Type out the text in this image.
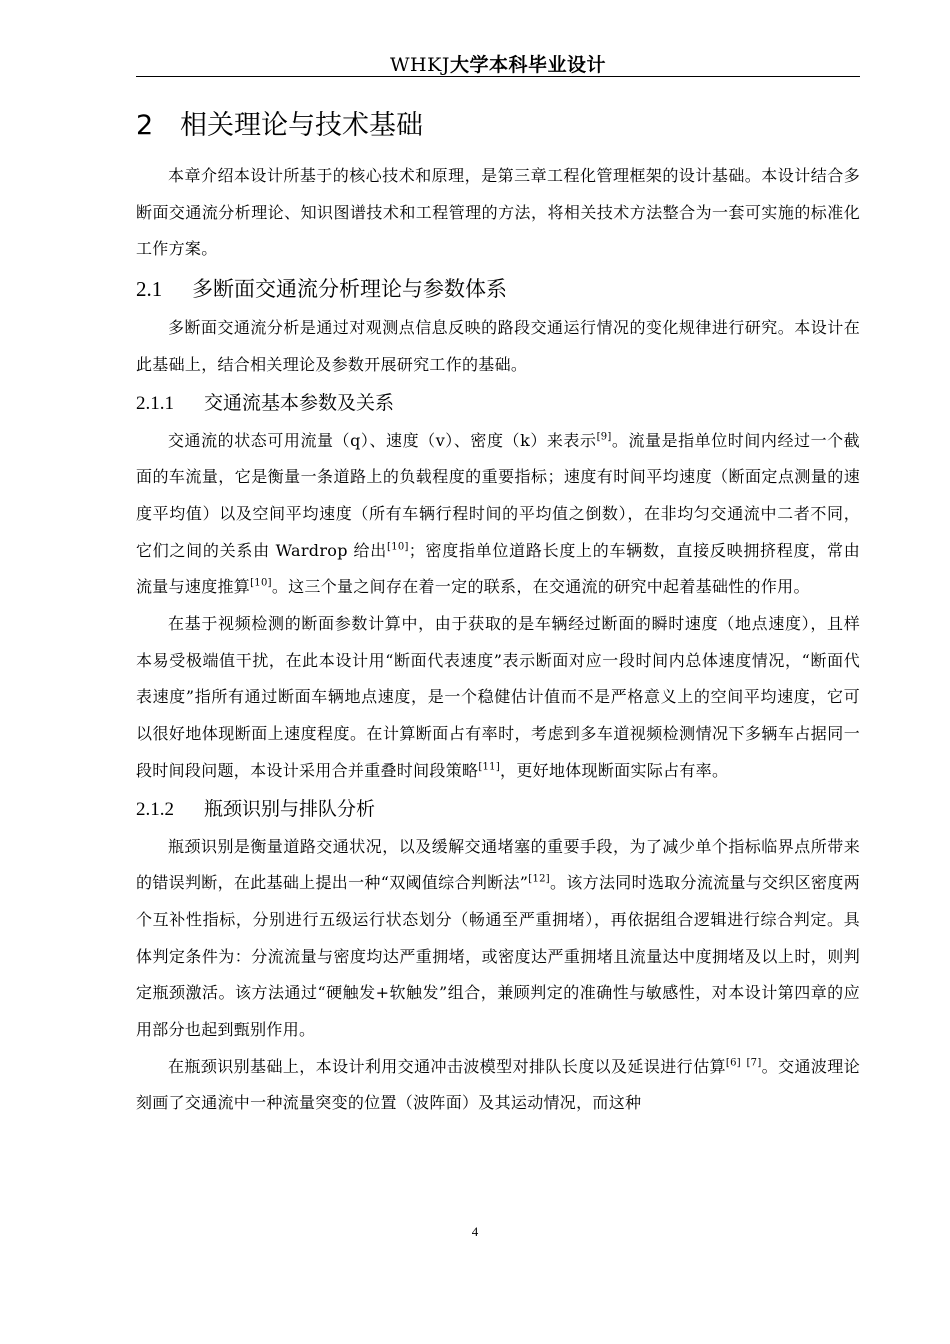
WHKJ大学本科毕业设计
2 相关理论与技术基础

本章介绍本设计所基于的核心技术和原理，是第三章工程化管理框架的设计基础。本设计结合多断面交通流分析理论、知识图谱技术和工程管理的方法，将相关技术方法整合为一套可实施的标准化工作方案。

2.1 多断面交通流分析理论与参数体系

多断面交通流分析是通过对观测点信息反映的路段交通运行情况的变化规律进行研究。本设计在此基础上，结合相关理论及参数开展研究工作的基础。

2.1.1 交通流基本参数及关系

交通流的状态可用流量（q）、速度（v）、密度（k）来表示[9]。流量是指单位时间内经过一个截面的车流量，它是衡量一条道路上的负载程度的重要指标；速度有时间平均速度（断面定点测量的速度平均值）以及空间平均速度（所有车辆行程时间的平均值之倒数），在非均匀交通流中二者不同，它们之间的关系由 Wardrop 给出[10]；密度指单位道路长度上的车辆数，直接反映拥挤程度，常由流量与速度推算[10]。这三个量之间存在着一定的联系，在交通流的研究中起着基础性的作用。

在基于视频检测的断面参数计算中，由于获取的是车辆经过断面的瞬时速度（地点速度），且样本易受极端值干扰，在此本设计用“断面代表速度”表示断面对应一段时间内总体速度情况，“断面代表速度”指所有通过断面车辆地点速度，是一个稳健估计值而不是严格意义上的空间平均速度，它可以很好地体现断面上速度程度。在计算断面占有率时，考虑到多车道视频检测情况下多辆车占据同一段时间段问题，本设计采用合并重叠时间段策略[11]，更好地体现断面实际占有率。

2.1.2 瓶颈识别与排队分析

瓶颈识别是衡量道路交通状况，以及缓解交通堵塞的重要手段，为了减少单个指标临界点所带来的错误判断，在此基础上提出一种“双阈值综合判断法”[12]。该方法同时选取分流流量与交织区密度两个互补性指标，分别进行五级运行状态划分（畅通至严重拥堵），再依据组合逻辑进行综合判定。具体判定条件为：分流流量与密度均达严重拥堵，或密度达严重拥堵且流量达中度拥堵及以上时，则判定瓶颈激活。该方法通过“硬触发+软触发”组合，兼顾判定的准确性与敏感性，对本设计第四章的应用部分也起到甄别作用。

在瓶颈识别基础上，本设计利用交通冲击波模型对排队长度以及延误进行估算[6] [7]。交通波理论刻画了交通流中一种流量突变的位置（波阵面）及其运动情况，而这种

4
